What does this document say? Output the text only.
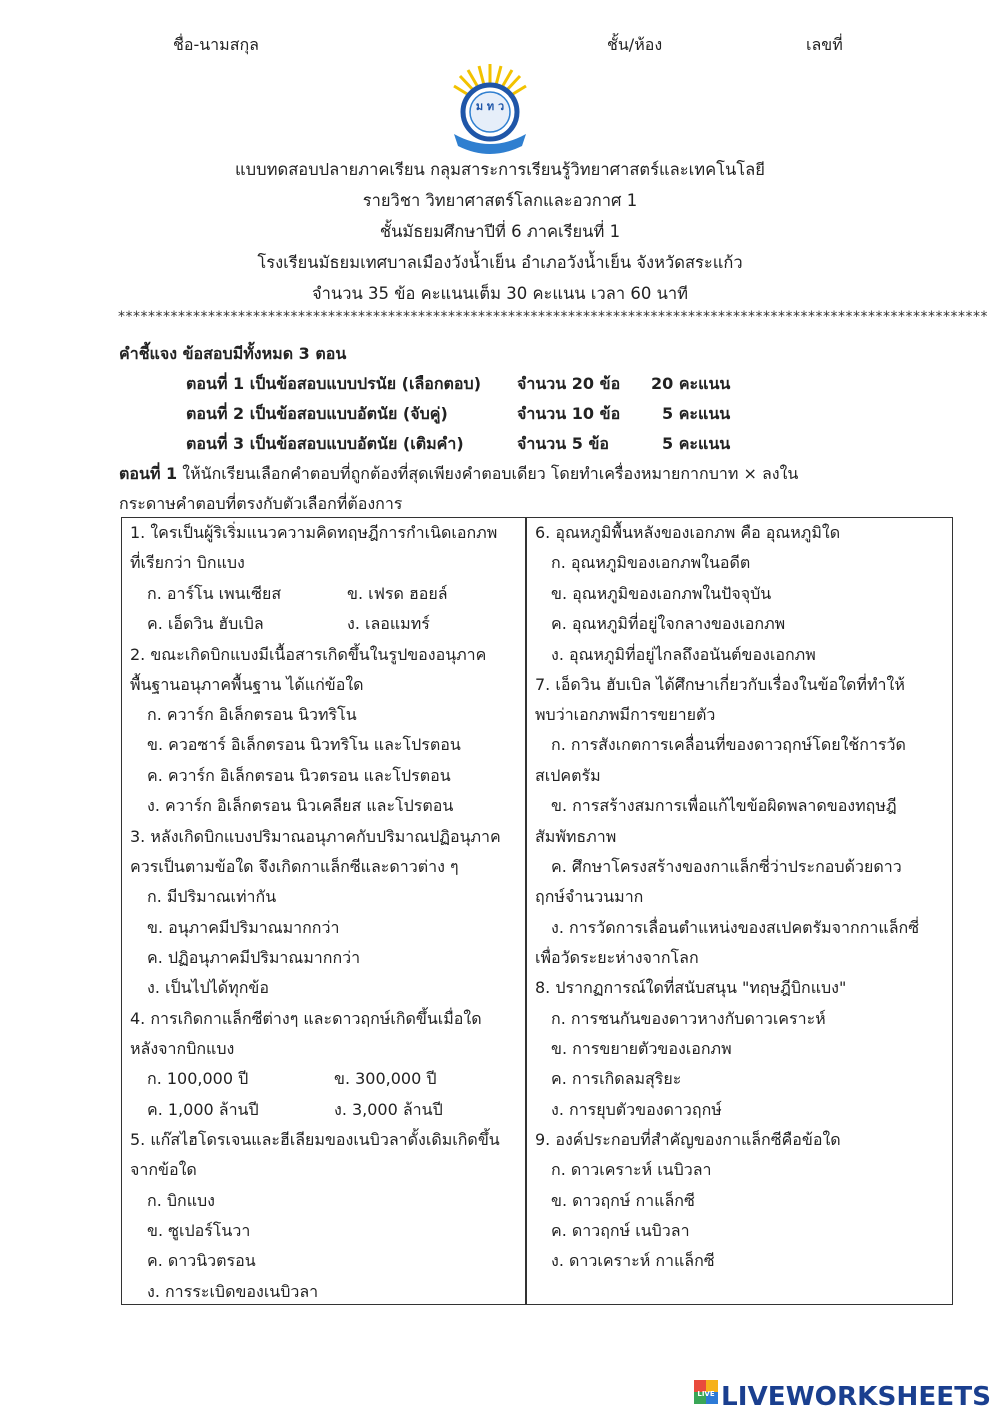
ชื่อ-นามสกุล	ชั้น/ห้อง	เลขที่
ม ท ว
แบบทดสอบปลายภาคเรียน กลุมสาระการเรียนรู้วิทยาศาสตร์และเทคโนโลยี
รายวิชา วิทยาศาสตร์โลกและอวกาศ 1
ชั้นมัธยมศึกษาปีที่ 6 ภาคเรียนที่ 1
โรงเรียนมัธยมเทศบาลเมืองวังน้ำเย็น อำเภอวังน้ำเย็น จังหวัดสระแก้ว
จำนวน 35 ข้อ คะแนนเต็ม 30 คะแนน เวลา 60 นาที
********************************************************************************************************************
คำชี้แจง ข้อสอบมีทั้งหมด 3 ตอน
ตอนที่ 1 เป็นข้อสอบแบบปรนัย (เลือกตอบ) จำนวน 20 ข้อ 20 คะแนน
ตอนที่ 2 เป็นข้อสอบแบบอัตนัย (จับคู่)	จำนวน 10 ข้อ	5 คะแนน
ตอนที่ 3 เป็นข้อสอบแบบอัตนัย (เติมคำ)	จำนวน 5 ข้อ	5 คะแนน
ตอนที่ 1 ให้นักเรียนเลือกคำตอบที่ถูกต้องที่สุดเพียงคำตอบเดียว โดยทำเครื่องหมายกากบาท × ลงใน
กระดาษคำตอบที่ตรงกับตัวเลือกที่ต้องการ
1. ใครเป็นผู้ริเริ่มแนวความคิดทฤษฎีการกำเนิดเอกภพ
ที่เรียกว่า บิกแบง
ก. อาร์โน เพนเซียส	ข. เฟรด ฮอยล์
ค. เอ็ดวิน ฮับเบิล	ง. เลอแมทร์
2. ขณะเกิดบิกแบงมีเนื้อสารเกิดขึ้นในรูปของอนุภาค
พื้นฐานอนุภาคพื้นฐาน ได้แก่ข้อใด
ก. ควาร์ก อิเล็กตรอน นิวทริโน
ข. ควอซาร์ อิเล็กตรอน นิวทริโน และโปรตอน
ค. ควาร์ก อิเล็กตรอน นิวตรอน และโปรตอน
ง. ควาร์ก อิเล็กตรอน นิวเคลียส และโปรตอน
3. หลังเกิดบิกแบงปริมาณอนุภาคกับปริมาณปฏิอนุภาค
ควรเป็นตามข้อใด จึงเกิดกาแล็กซีและดาวต่าง ๆ
ก. มีปริมาณเท่ากัน
ข. อนุภาคมีปริมาณมากกว่า
ค. ปฏิอนุภาคมีปริมาณมากกว่า
ง. เป็นไปได้ทุกข้อ
4. การเกิดกาแล็กซีต่างๆ และดาวฤกษ์เกิดขึ้นเมื่อใด
หลังจากบิกแบง
ก. 100,000 ปี	ข. 300,000 ปี
ค. 1,000 ล้านปี	ง. 3,000 ล้านปี
5. แก๊สไฮโดรเจนและฮีเลียมของเนบิวลาดั้งเดิมเกิดขึ้น
จากข้อใด
ก. บิกแบง
ข. ซูเปอร์โนวา
ค. ดาวนิวตรอน
ง. การระเบิดของเนบิวลา
6. อุณหภูมิพื้นหลังของเอกภพ คือ อุณหภูมิใด
ก. อุณหภูมิของเอกภพในอดีต
ข. อุณหภูมิของเอกภพในปัจจุบัน
ค. อุณหภูมิที่อยู่ใจกลางของเอกภพ
ง. อุณหภูมิที่อยู่ไกลถึงอนันต์ของเอกภพ
7. เอ็ดวิน ฮับเบิล ได้ศึกษาเกี่ยวกับเรื่องในข้อใดที่ทำให้
พบว่าเอกภพมีการขยายตัว
ก. การสังเกตการเคลื่อนที่ของดาวฤกษ์โดยใช้การวัด
สเปคตรัม
ข. การสร้างสมการเพื่อแก้ไขข้อผิดพลาดของทฤษฎี
สัมพัทธภาพ
ค. ศึกษาโครงสร้างของกาแล็กซี่ว่าประกอบด้วยดาว
ฤกษ์จำนวนมาก
ง. การวัดการเลื่อนตำแหน่งของสเปคตรัมจากกาแล็กซี่
เพื่อวัดระยะห่างจากโลก
8. ปรากฏการณ์ใดที่สนับสนุน "ทฤษฎีบิกแบง"
ก. การชนกันของดาวหางกับดาวเคราะห์
ข. การขยายตัวของเอกภพ
ค. การเกิดลมสุริยะ
ง. การยุบตัวของดาวฤกษ์
9. องค์ประกอบที่สำคัญของกาแล็กซีคือข้อใด
ก. ดาวเคราะห์ เนบิวลา
ข. ดาวฤกษ์ กาแล็กซี
ค. ดาวฤกษ์ เนบิวลา
ง. ดาวเคราะห์ กาแล็กซี
LIVE LIVEWORKSHEETS
